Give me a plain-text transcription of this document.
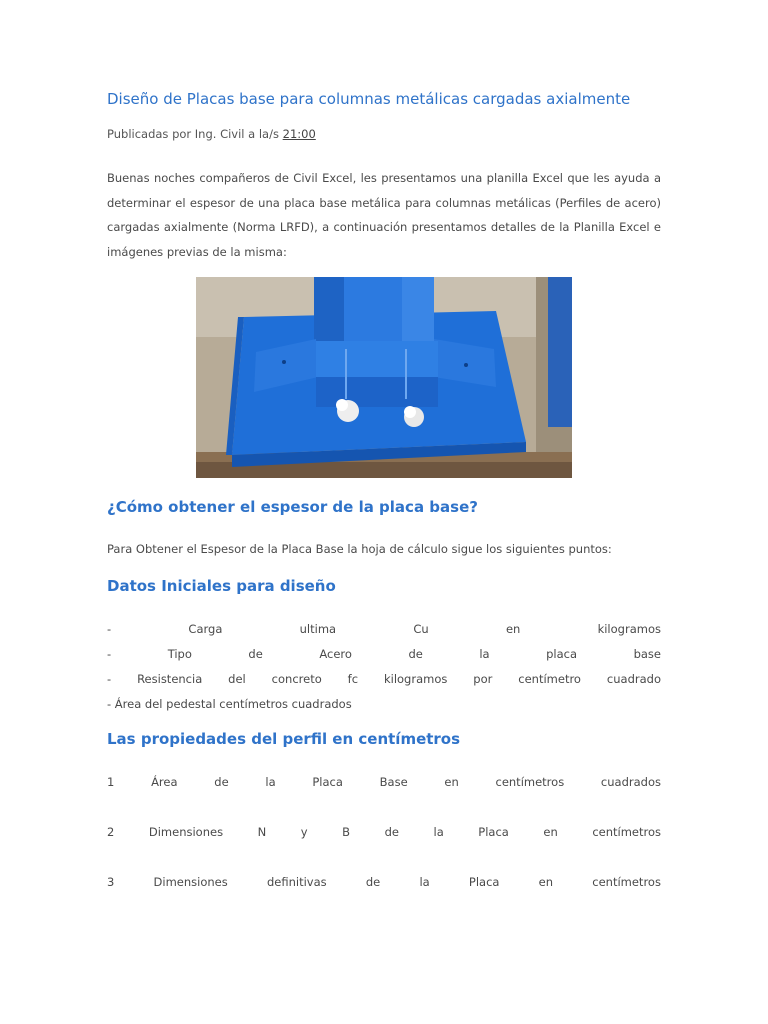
Diseño de Placas base para columnas metálicas cargadas axialmente
Publicadas por Ing. Civil a la/s 21:00
Buenas noches compañeros de Civil Excel, les presentamos una planilla Excel que les ayuda a determinar el espesor de una placa base metálica para columnas metálicas (Perfiles de acero) cargadas axialmente (Norma LRFD), a continuación presentamos detalles de la Planilla Excel e imágenes previas de la misma:
¿Cómo obtener el espesor de la placa base?
Para Obtener el Espesor de la Placa Base la hoja de cálculo sigue los siguientes puntos:
Datos Iniciales para diseño
-	Carga	ultima	Cu	en	kilogramos
-	Tipo	de	Acero	de	la	placa	base
- Resistencia del concreto fc kilogramos por centímetro cuadrado
- Área del pedestal centímetros cuadrados
Las propiedades del perfil en centímetros
1	Área	de	la	Placa	Base	en	centímetros	cuadrados
2	Dimensiones	N	y	B	de	la	Placa	en	centímetros
3	Dimensiones	definitivas	de	la	Placa	en	centímetros
